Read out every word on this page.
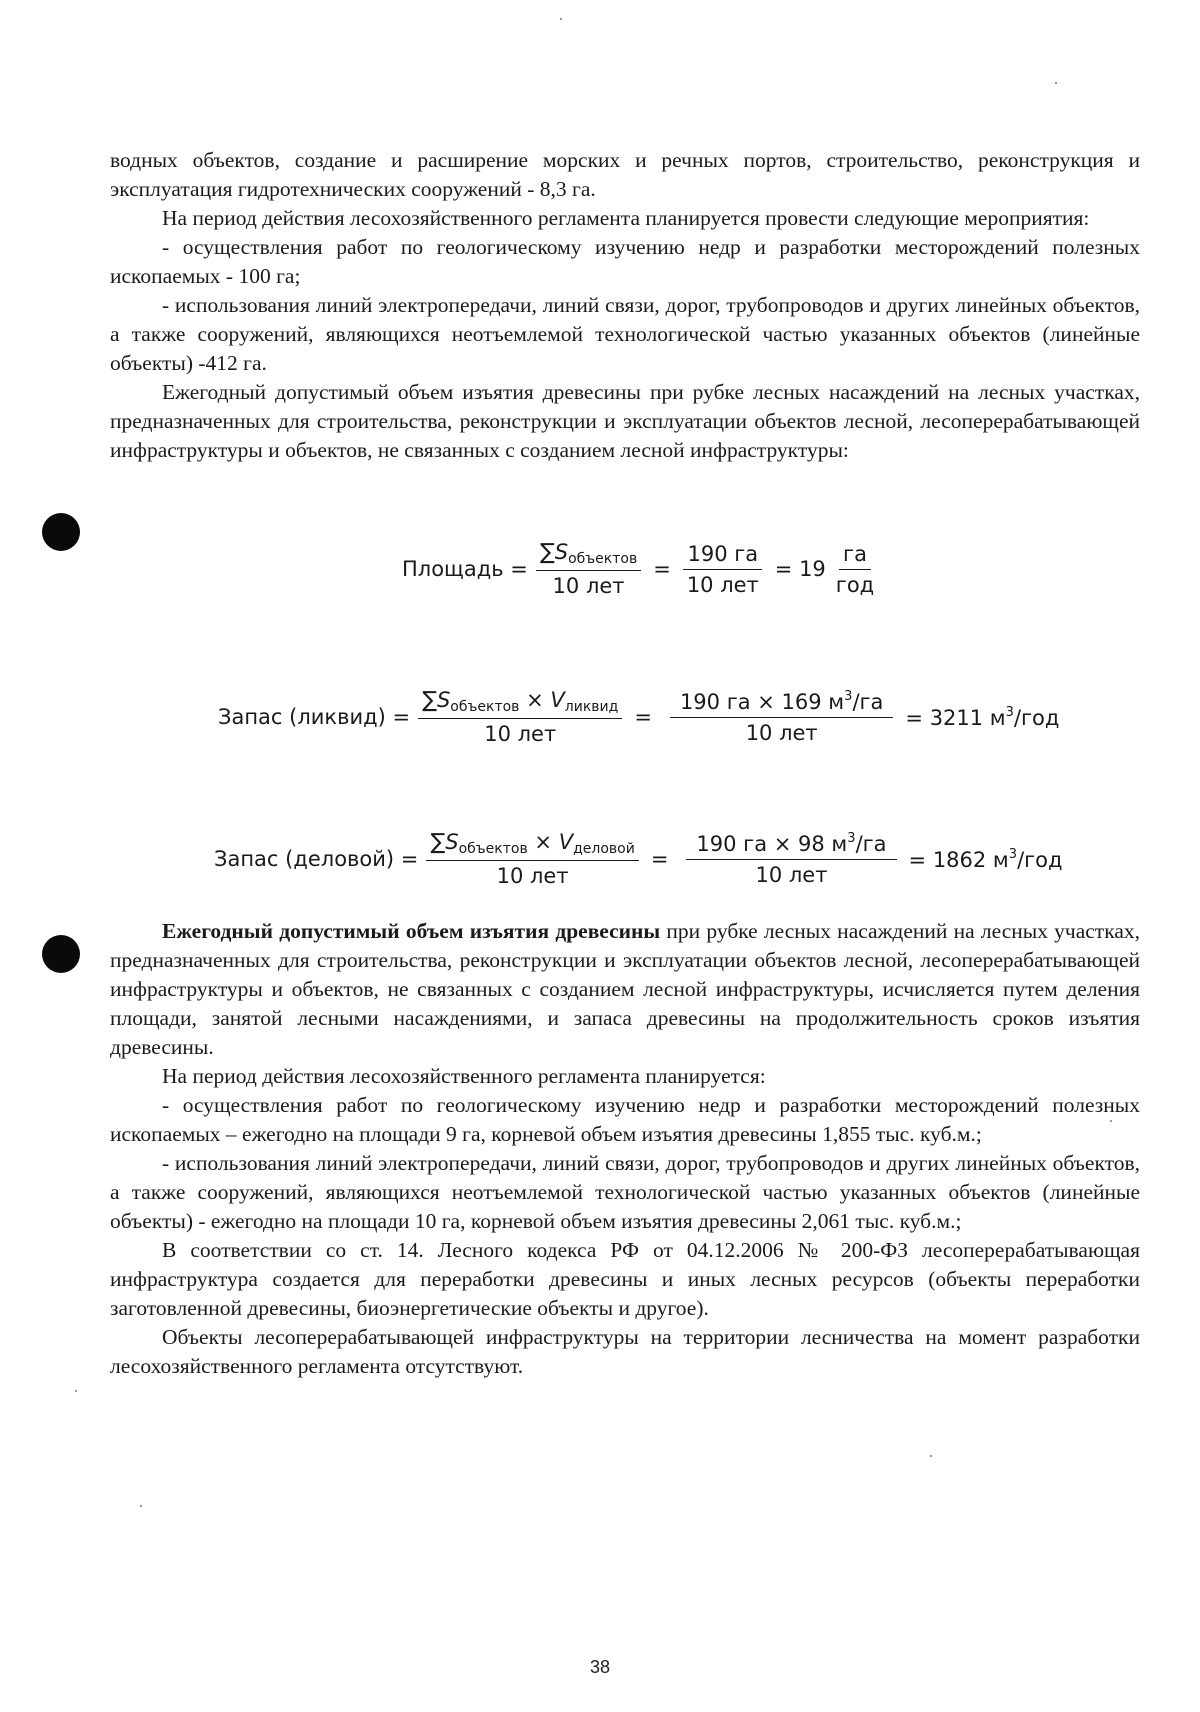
водных объектов, создание и расширение морских и речных портов, строительство, реконструкция и эксплуатация гидротехнических сооружений - 8,3 га.

На период действия лесохозяйственного регламента планируется провести следующие мероприятия:

- осуществления работ по геологическому изучению недр и разработки месторождений полезных ископаемых - 100 га;

- использования линий электропередачи, линий связи, дорог, трубопроводов и других линейных объектов, а также сооружений, являющихся неотъемлемой технологической частью указанных объектов (линейные объекты) -412 га.

Ежегодный допустимый объем изъятия древесины при рубке лесных насаждений на лесных участках, предназначенных для строительства, реконструкции и эксплуатации объектов лесной, лесоперерабатывающей инфраструктуры и объектов, не связанных с созданием лесной инфраструктуры:

Площадь = $\frac{\sum S_{объектов}}{\text{10 лет}} = \frac{190 га}{\text{10 лет}} = 19 \frac{га}{\text{год}}$
Запас (ликвид) = $\frac{\sum S_{объектов} \times V_{ликвид}}{\text{10 лет}} = \frac{190 га \times 169 м^3/га}{\text{10 лет}} = 3211$ $м^3$/год
Запас (деловой) = $\frac{\sum S_{объектов} \times V_{деловой}}{\text{10 лет}} = \frac{190 га \times 98 м^3/га}{\text{10 лет}} = 1862$ $м^3$/год

Ежегодный допустимый объем изъятия древесины при рубке лесных насаждений на лесных участках, предназначенных для строительства, реконструкции и эксплуатации объектов лесной, лесоперерабатывающей инфраструктуры и объектов, не связанных с созданием лесной инфраструктуры, исчисляется путем деления площади, занятой лесными насаждениями, и запаса древесины на продолжительность сроков изъятия древесины.

На период действия лесохозяйственного регламента планируется:

- осуществления работ по геологическому изучению недр и разработки месторождений полезных ископаемых – ежегодно на площади 9 га, корневой объем изъятия древесины 1,855 тыс. куб.м.;

- использования линий электропередачи, линий связи, дорог, трубопроводов и других линейных объектов, а также сооружений, являющихся неотъемлемой технологической частью указанных объектов (линейные объекты) - ежегодно на площади 10 га, корневой объем изъятия древесины 2,061 тыс. куб.м.;

В соответствии со ст. 14. Лесного кодекса РФ от 04.12.2006 № 200-ФЗ лесоперерабатывающая инфраструктура создается для переработки древесины и иных лесных ресурсов (объекты переработки заготовленной древесины, биоэнергетические объекты и другое).

Объекты лесоперерабатывающей инфраструктуры на территории лесничества на момент разработки лесохозяйственного регламента отсутствуют.

38
